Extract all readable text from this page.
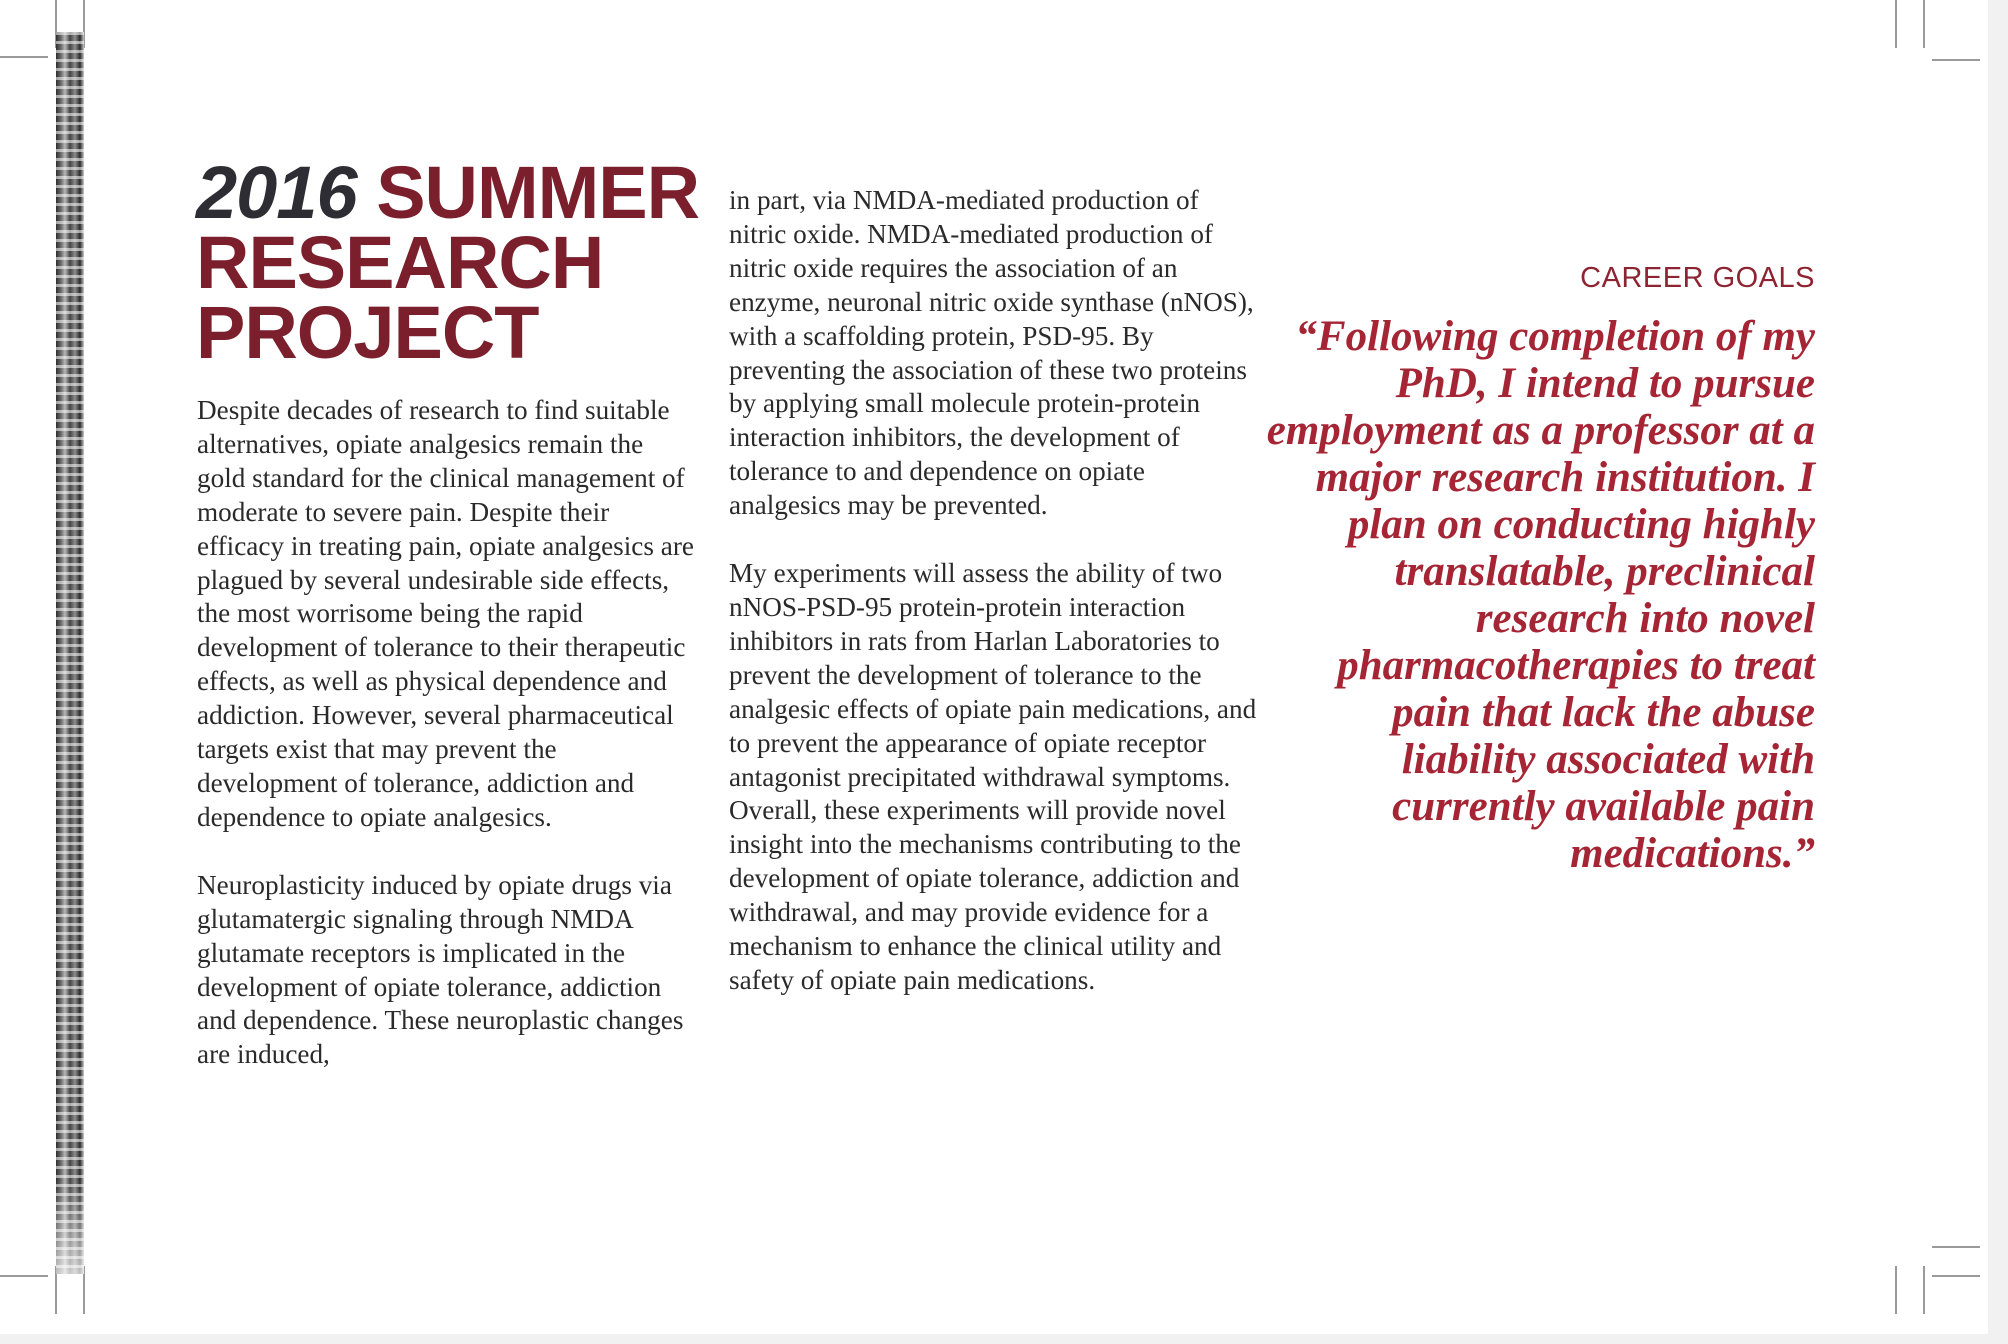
2016 SUMMER RESEARCH PROJECT

Despite decades of research to find suitable alternatives, opiate analgesics remain the gold standard for the clinical management of moderate to severe pain. Despite their efficacy in treating pain, opiate analgesics are plagued by several undesirable side effects, the most worrisome being the rapid development of tolerance to their therapeutic effects, as well as physical dependence and addiction. However, several pharmaceutical targets exist that may prevent the development of tolerance, addiction and dependence to opiate analgesics.

Neuroplasticity induced by opiate drugs via glutamatergic signaling through NMDA glutamate receptors is implicated in the development of opiate tolerance, addiction and dependence. These neuroplastic changes are induced,

in part, via NMDA-mediated production of nitric oxide. NMDA-mediated production of nitric oxide requires the association of an enzyme, neuronal nitric oxide synthase (nNOS), with a scaffolding protein, PSD-95. By preventing the association of these two proteins by applying small molecule protein-protein interaction inhibitors, the development of tolerance to and dependence on opiate analgesics may be prevented.

My experiments will assess the ability of two nNOS-PSD-95 protein-protein interaction inhibitors in rats from Harlan Laboratories to prevent the development of tolerance to the analgesic effects of opiate pain medications, and to prevent the appearance of opiate receptor antagonist precipitated withdrawal symptoms. Overall, these experiments will provide novel insight into the mechanisms contributing to the development of opiate tolerance, addiction and withdrawal, and may provide evidence for a mechanism to enhance the clinical utility and safety of opiate pain medications.

CAREER GOALS

“Following completion of my PhD, I intend to pursue employment as a professor at a major research institution. I plan on conducting highly translatable, preclinical research into novel pharmacotherapies to treat pain that lack the abuse liability associated with currently available pain medications.”
